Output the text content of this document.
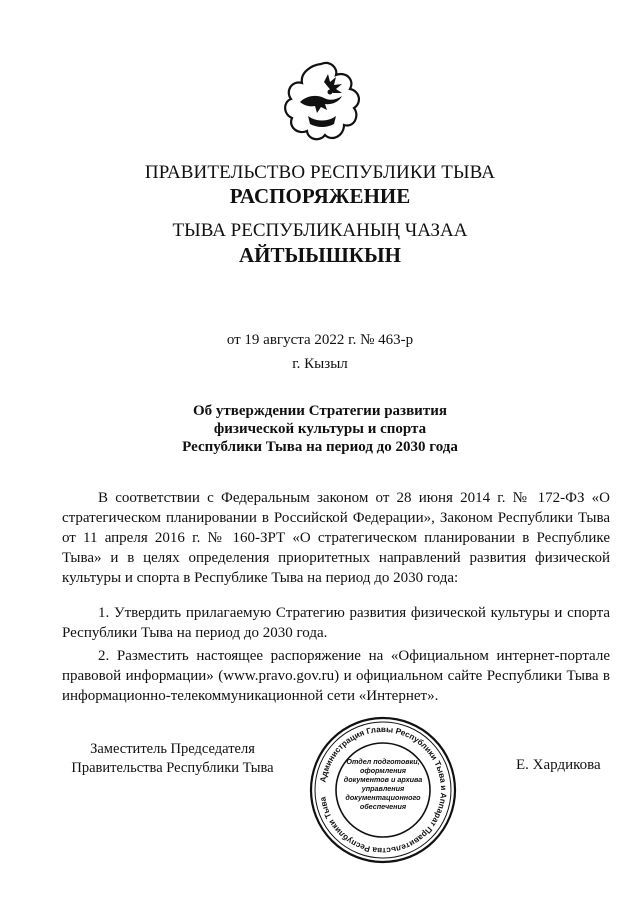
ПРАВИТЕЛЬСТВО РЕСПУБЛИКИ ТЫВА
РАСПОРЯЖЕНИЕ
ТЫВА РЕСПУБЛИКАНЫҢ ЧАЗАА
АЙТЫЫШКЫН
от 19 августа 2022 г. № 463-р
г. Кызыл
Об утверждении Стратегии развития
физической культуры и спорта
Республики Тыва на период до 2030 года
В соответствии с Федеральным законом от 28 июня 2014 г. № 172-ФЗ «О стратегическом планировании в Российской Федерации», Законом Республики Тыва от 11 апреля 2016 г. № 160-ЗРТ «О стратегическом планировании в Республике Тыва» и в целях определения приоритетных направлений развития физической культуры и спорта в Республике Тыва на период до 2030 года:
1. Утвердить прилагаемую Стратегию развития физической культуры и спорта Республики Тыва на период до 2030 года.
2. Разместить настоящее распоряжение на «Официальном интернет-портале правовой информации» (www.pravo.gov.ru) и официальном сайте Республики Тыва в информационно-телекоммуникационной сети «Интернет».
Заместитель Председателя
Правительства Республики Тыва
Администрация Главы Республики Тыва и Аппарат Правительства Республики Тыва
Отдел подготовки, оформления документов и архива управления документационного обеспечения
Е. Хардикова
